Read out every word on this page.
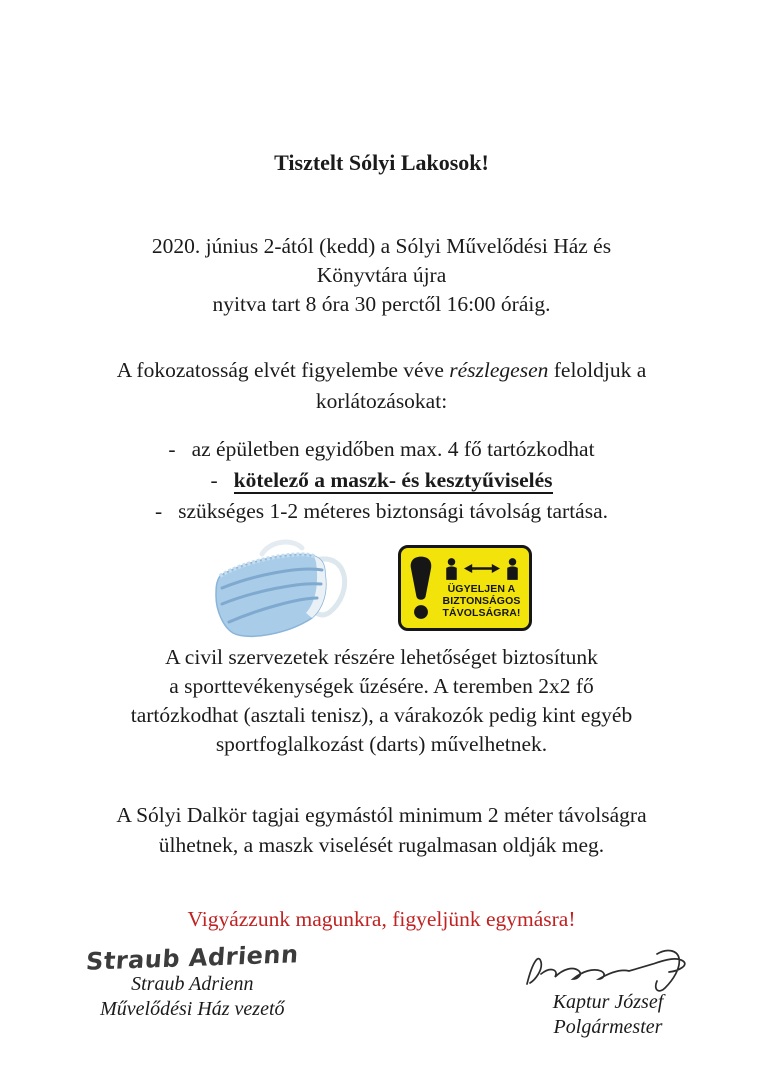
Tisztelt Sólyi Lakosok!
2020. június 2-ától (kedd) a Sólyi Művelődési Ház és
Könyvtára újra
nyitva tart 8 óra 30 perctől 16:00 óráig.
A fokozatosság elvét figyelembe véve részlegesen feloldjuk a
korlátozásokat:
- az épületben egyidőben max. 4 fő tartózkodhat
- kötelező a maszk- és kesztyűviselés
- szükséges 1-2 méteres biztonsági távolság tartása.
ÜGYELJEN A
BIZTONSÁGOS
TÁVOLSÁGRA!
A civil szervezetek részére lehetőséget biztosítunk
a sporttevékenységek űzésére. A teremben 2x2 fő
tartózkodhat (asztali tenisz), a várakozók pedig kint egyéb
sportfoglalkozást (darts) művelhetnek.
A Sólyi Dalkör tagjai egymástól minimum 2 méter távolságra
ülhetnek, a maszk viselését rugalmasan oldják meg.
Vigyázzunk magunkra, figyeljünk egymásra!
Straub Adrienn
Straub Adrienn
Művelődési Ház vezető	Kaptur József
Polgármester
